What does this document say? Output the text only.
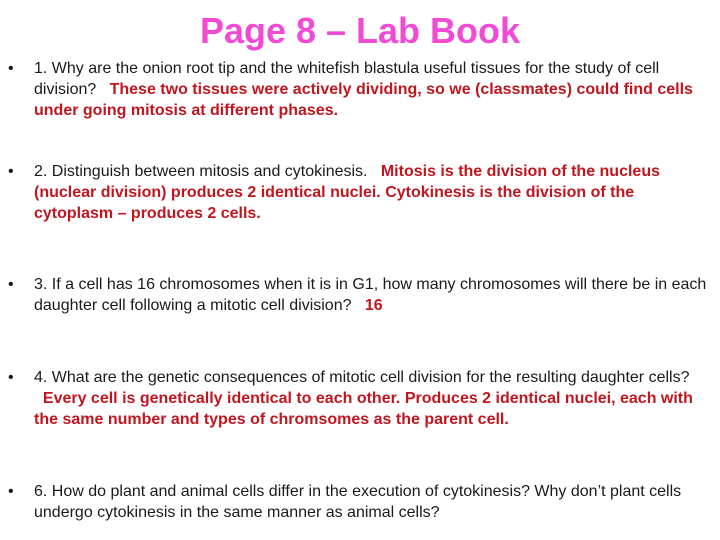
Page 8 – Lab Book
• 1. Why are the onion root tip and the whitefish blastula useful tissues for the study of cell division?   These two tissues were actively dividing, so we (classmates) could find cells under going mitosis at different phases.
• 2. Distinguish between mitosis and cytokinesis.   Mitosis is the division of the nucleus (nuclear division) produces 2 identical nuclei. Cytokinesis is the division of the cytoplasm – produces 2 cells.
• 3. If a cell has 16 chromosomes when it is in G1, how many chromosomes will there be in each daughter cell following a mitotic cell division?   16
• 4. What are the genetic consequences of mitotic cell division for the resulting daughter cells?   Every cell is genetically identical to each other. Produces 2 identical nuclei, each with the same number and types of chromsomes as the parent cell.
• 6. How do plant and animal cells differ in the execution of cytokinesis? Why don’t plant cells undergo cytokinesis in the same manner as animal cells?
